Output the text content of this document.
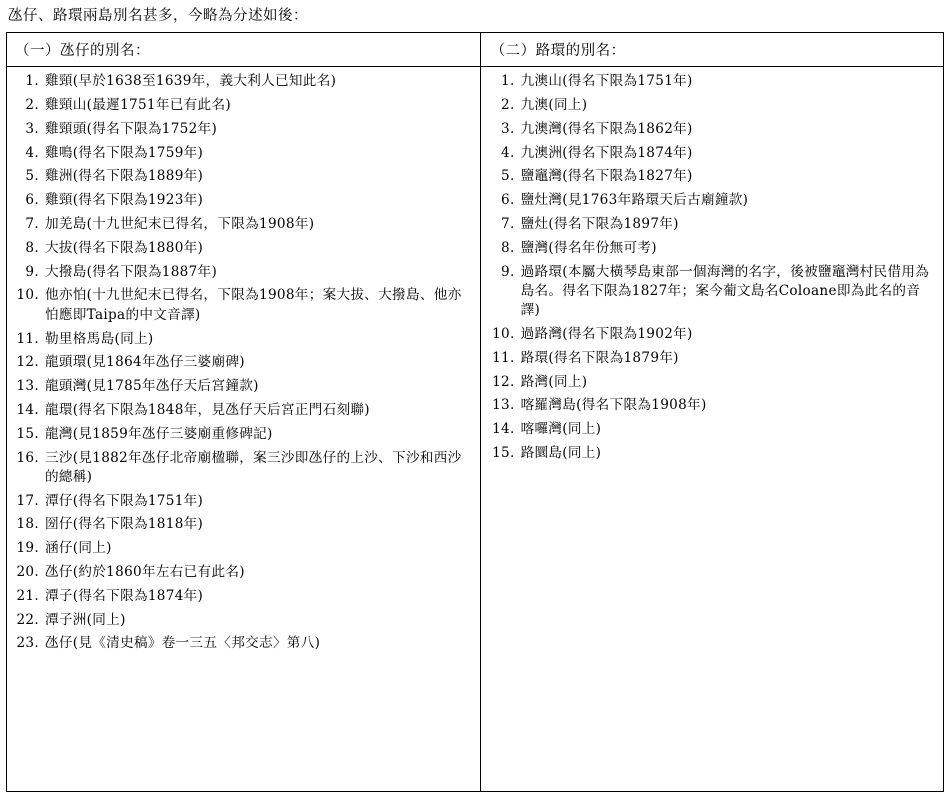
氹仔、路環兩島別名甚多，今略為分述如後：
（一）氹仔的別名：	（二）路環的別名：
1. 雞頸(早於1638至1639年，義大利人已知此名)
2. 雞頸山(最遲1751年已有此名)
3. 雞頸頭(得名下限為1752年)
4. 雞鳴(得名下限為1759年)
5. 雞洲(得名下限為1889年)
6. 雞頸(得名下限為1923年)
7. 加羌島(十九世紀末已得名，下限為1908年)
8. 大拔(得名下限為1880年)
9. 大撥島(得名下限為1887年)
10. 他亦怕(十九世紀末已得名，下限為1908年；案大拔、大撥島、他亦怕應即Taipa的中文音譯)
11. 勒里格馬島(同上)
12. 龍頭環(見1864年氹仔三婆廟碑)
13. 龍頭灣(見1785年氹仔天后宮鐘款)
14. 龍環(得名下限為1848年，見氹仔天后宮正門石刻聯)
15. 龍灣(見1859年氹仔三婆廟重修碑記)
16. 三沙(見1882年氹仔北帝廟楹聯，案三沙即氹仔的上沙、下沙和西沙的總稱)
17. 潭仔(得名下限為1751年)
18. 圀仔(得名下限為1818年)
19. 涵仔(同上)
20. 氹仔(約於1860年左右已有此名)
21. 潭子(得名下限為1874年)
22. 潭子洲(同上)
23. 氹仔(見《清史稿》卷一三五〈邦交志〉第八)
1. 九澳山(得名下限為1751年)
2. 九澳(同上)
3. 九澳灣(得名下限為1862年)
4. 九澳洲(得名下限為1874年)
5. 鹽竈灣(得名下限為1827年)
6. 鹽灶灣(見1763年路環天后古廟鐘款)
7. 鹽灶(得名下限為1897年)
8. 鹽灣(得名年份無可考)
9. 過路環(本屬大橫琴島東部一個海灣的名字，後被鹽竈灣村民借用為島名。得名下限為1827年；案今葡文島名Coloane即為此名的音譯)
10. 過路灣(得名下限為1902年)
11. 路環(得名下限為1879年)
12. 路灣(同上)
13. 喀羅灣島(得名下限為1908年)
14. 喀囉灣(同上)
15. 路圜島(同上)
